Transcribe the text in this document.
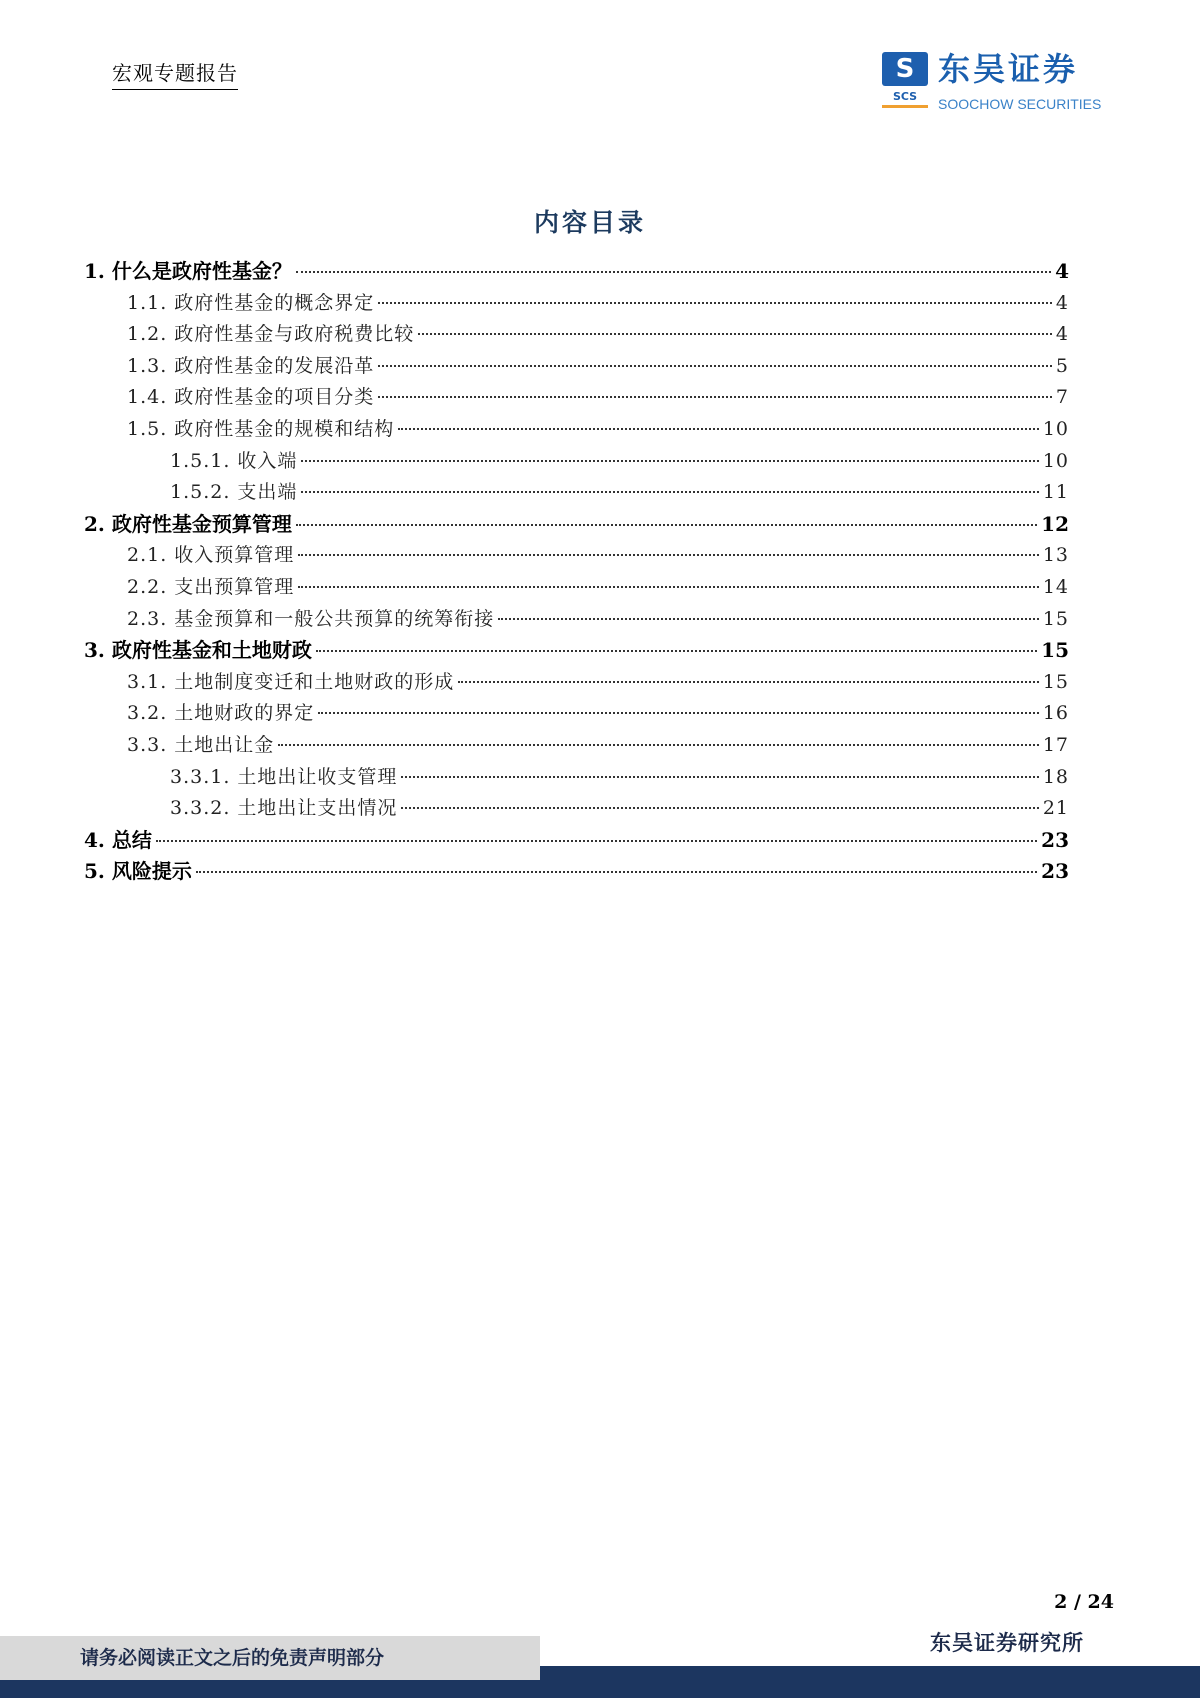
宏观专题报告	S
SCS
东吴证券
SOOCHOW SECURITIES
内容目录
1. 什么是政府性基金？	4
1.1. 政府性基金的概念界定	4
1.2. 政府性基金与政府税费比较	4
1.3. 政府性基金的发展沿革	5
1.4. 政府性基金的项目分类	7
1.5. 政府性基金的规模和结构	10
1.5.1. 收入端	10
1.5.2. 支出端	11
2. 政府性基金预算管理	12
2.1. 收入预算管理	13
2.2. 支出预算管理	14
2.3. 基金预算和一般公共预算的统筹衔接	15
3. 政府性基金和土地财政	15
3.1. 土地制度变迁和土地财政的形成	15
3.2. 土地财政的界定	16
3.3. 土地出让金	17
3.3.1. 土地出让收支管理	18
3.3.2. 土地出让支出情况	21
4. 总结	23
5. 风险提示	23
2 / 24
请务必阅读正文之后的免责声明部分
东吴证券研究所
